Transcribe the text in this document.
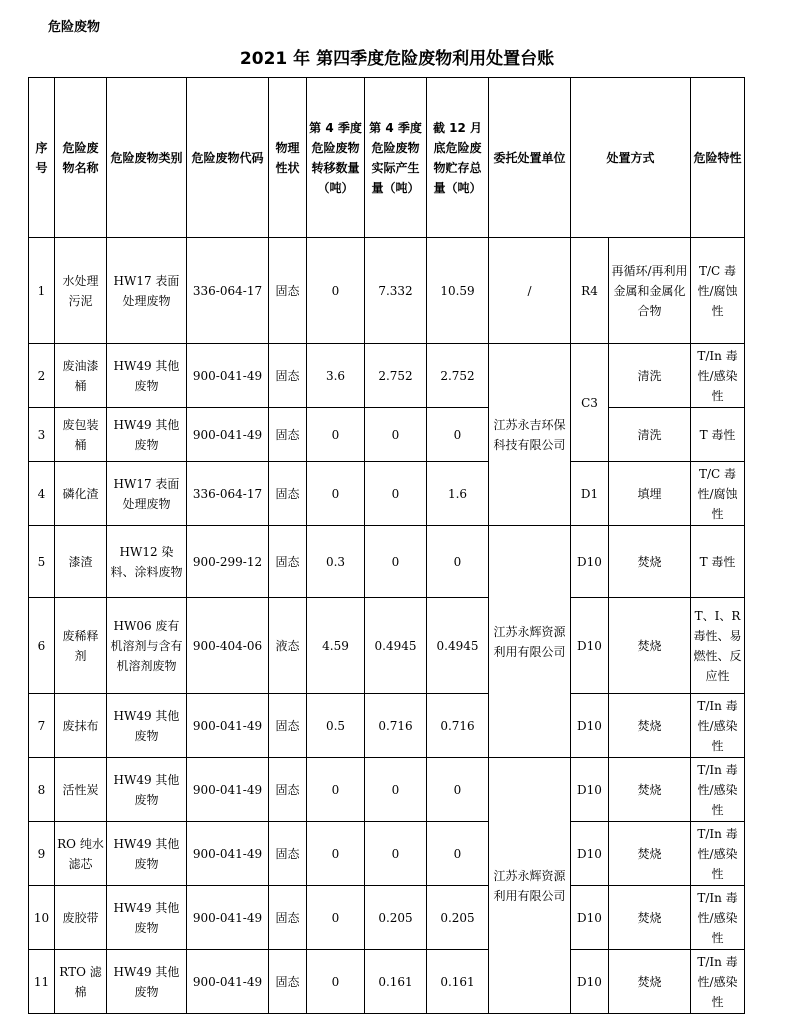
危险废物
2021 年 第四季度危险废物利用处置台账
序号	危险废物名称	危险废物类别	危险废物代码	物理性状	第 4 季度危险废物转移数量（吨）	第 4 季度危险废物实际产生量（吨）	截 12 月底危险废物贮存总量（吨）	委托处置单位	处置方式		危险特性
1	水处理污泥	HW17 表面处理废物	336-064-17	固态	0	7.332	10.59	/	R4	再循环/再利用金属和金属化合物	T/C 毒性/腐蚀性
2	废油漆桶	HW49 其他废物	900-041-49	固态	3.6	2.752	2.752	江苏永吉环保科技有限公司	C3	清洗	T/In 毒性/感染性
3	废包装桶	HW49 其他废物	900-041-49	固态	0	0	0			清洗	T 毒性
4	磷化渣	HW17 表面处理废物	336-064-17	固态	0	0	1.6		D1	填埋	T/C 毒性/腐蚀性
5	漆渣	HW12 染料、涂料废物	900-299-12	固态	0.3	0	0	江苏永辉资源利用有限公司	D10	焚烧	T 毒性
6	废稀释剂	HW06 废有机溶剂与含有机溶剂废物	900-404-06	液态	4.59	0.4945	0.4945		D10	焚烧	T、I、R 毒性、易燃性、反应性
7	废抹布	HW49 其他废物	900-041-49	固态	0.5	0.716	0.716		D10	焚烧	T/In 毒性/感染性
8	活性炭	HW49 其他废物	900-041-49	固态	0	0	0	江苏永辉资源利用有限公司	D10	焚烧	T/In 毒性/感染性
9	RO 纯水滤芯	HW49 其他废物	900-041-49	固态	0	0	0		D10	焚烧	T/In 毒性/感染性
10	废胶带	HW49 其他废物	900-041-49	固态	0	0.205	0.205		D10	焚烧	T/In 毒性/感染性
11	RTO 滤棉	HW49 其他废物	900-041-49	固态	0	0.161	0.161		D10	焚烧	T/In 毒性/感染性
